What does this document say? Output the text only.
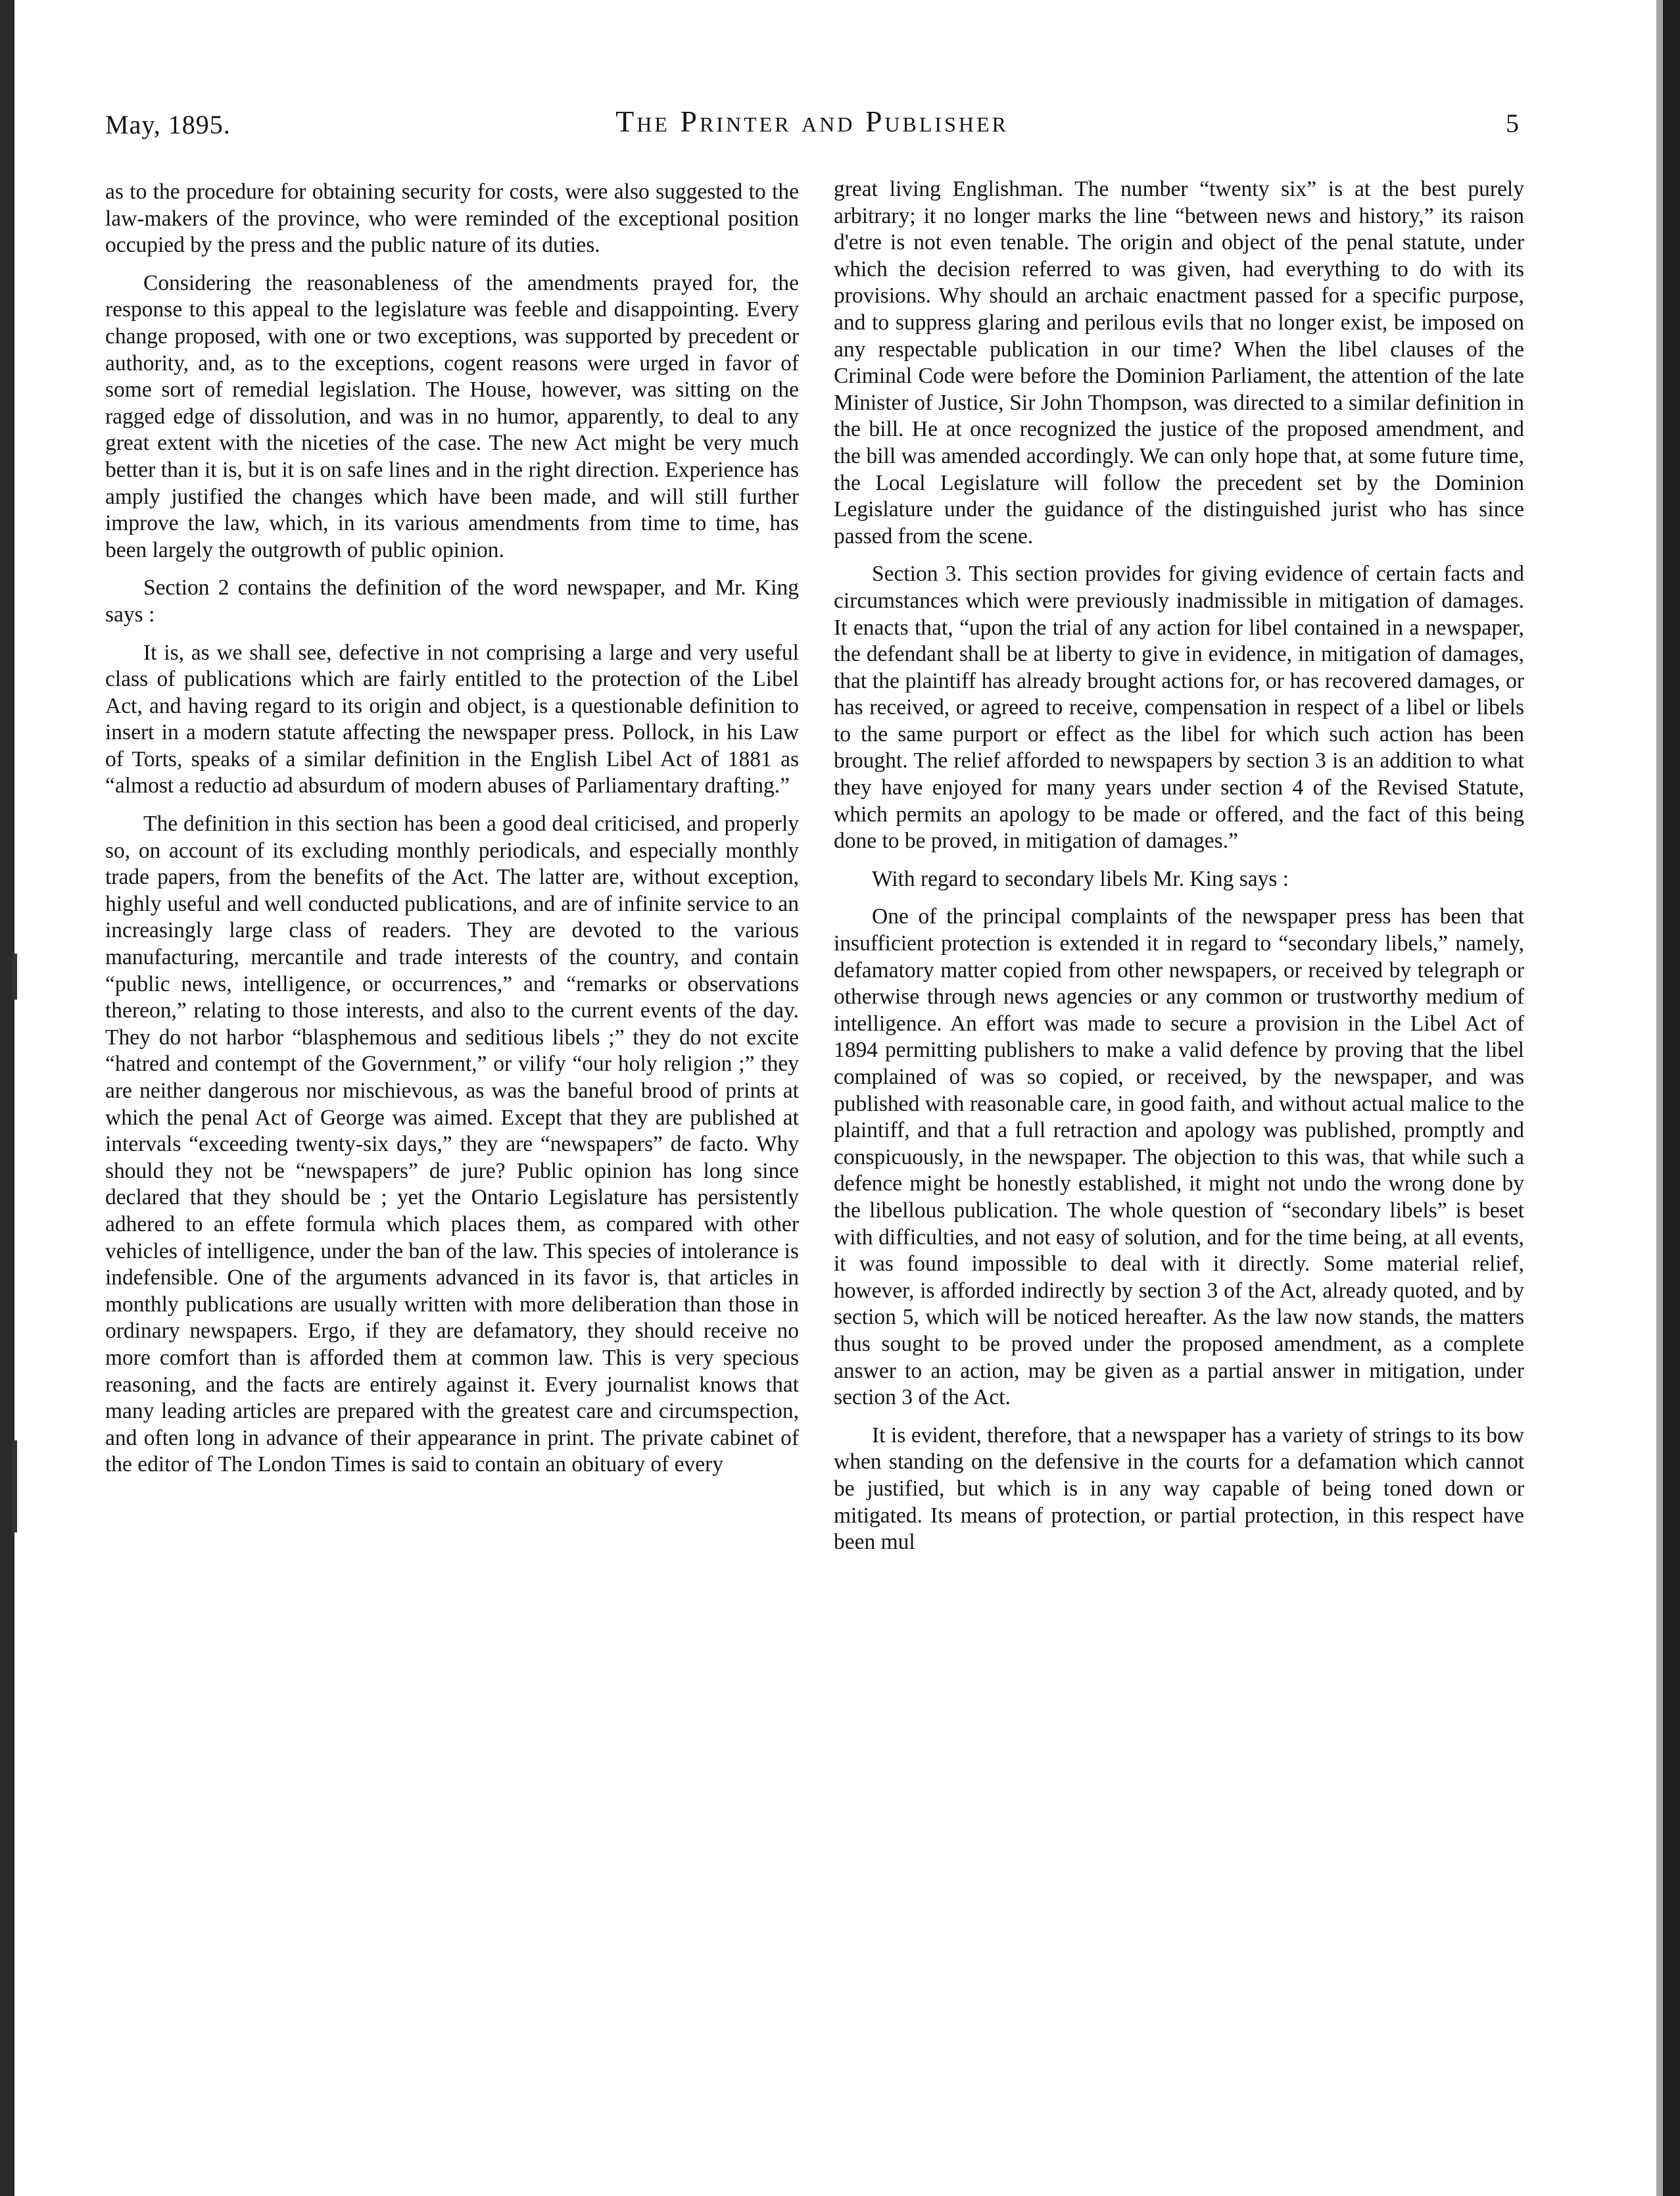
May, 1895.	The Printer and Publisher	5

as to the procedure for obtaining security for costs, were also suggested to the law-makers of the province, who were reminded of the exceptional position occupied by the press and the public nature of its duties.

Considering the reasonableness of the amendments prayed for, the response to this appeal to the legislature was feeble and disappointing. Every change proposed, with one or two exceptions, was supported by precedent or authority, and, as to the exceptions, cogent reasons were urged in favor of some sort of remedial legislation. The House, however, was sitting on the ragged edge of dissolution, and was in no humor, apparently, to deal to any great extent with the niceties of the case. The new Act might be very much better than it is, but it is on safe lines and in the right direction. Experience has amply justified the changes which have been made, and will still further improve the law, which, in its various amendments from time to time, has been largely the outgrowth of public opinion.

Section 2 contains the definition of the word newspaper, and Mr. King says :

It is, as we shall see, defective in not comprising a large and very useful class of publications which are fairly entitled to the protection of the Libel Act, and having regard to its origin and object, is a questionable definition to insert in a modern statute affecting the newspaper press. Pollock, in his Law of Torts, speaks of a similar definition in the English Libel Act of 1881 as “almost a reductio ad absurdum of modern abuses of Parliamentary drafting.”

The definition in this section has been a good deal criticised, and properly so, on account of its excluding monthly periodicals, and especially monthly trade papers, from the benefits of the Act. The latter are, without exception, highly useful and well conducted publications, and are of infinite service to an increasingly large class of readers. They are devoted to the various manufacturing, mercantile and trade interests of the country, and contain “public news, intelligence, or occurrences,” and “remarks or observations thereon,” relating to those interests, and also to the current events of the day. They do not harbor “blasphemous and seditious libels ;” they do not excite “hatred and contempt of the Government,” or vilify “our holy religion ;” they are neither dangerous nor mischievous, as was the baneful brood of prints at which the penal Act of George was aimed. Except that they are published at intervals “exceeding twenty-six days,” they are “newspapers” de facto. Why should they not be “newspapers” de jure? Public opinion has long since declared that they should be ; yet the Ontario Legislature has persistently adhered to an effete formula which places them, as compared with other vehicles of intelligence, under the ban of the law. This species of intolerance is indefensible. One of the arguments advanced in its favor is, that articles in monthly publications are usually written with more deliberation than those in ordinary newspapers. Ergo, if they are defamatory, they should receive no more comfort than is afforded them at common law. This is very specious reasoning, and the facts are entirely against it. Every journalist knows that many leading articles are prepared with the greatest care and circumspection, and often long in advance of their appearance in print. The private cabinet of the editor of The London Times is said to contain an obituary of every

great living Englishman. The number “twenty six” is at the best purely arbitrary; it no longer marks the line “between news and history,” its raison d'etre is not even tenable. The origin and object of the penal statute, under which the decision referred to was given, had everything to do with its provisions. Why should an archaic enactment passed for a specific purpose, and to suppress glaring and perilous evils that no longer exist, be imposed on any respectable publication in our time? When the libel clauses of the Criminal Code were before the Dominion Parliament, the attention of the late Minister of Justice, Sir John Thompson, was directed to a similar definition in the bill. He at once recognized the justice of the proposed amendment, and the bill was amended accordingly. We can only hope that, at some future time, the Local Legislature will follow the precedent set by the Dominion Legislature under the guidance of the distinguished jurist who has since passed from the scene.

Section 3. This section provides for giving evidence of certain facts and circumstances which were previously inadmissible in mitigation of damages. It enacts that, “upon the trial of any action for libel contained in a newspaper, the defendant shall be at liberty to give in evidence, in mitigation of damages, that the plaintiff has already brought actions for, or has recovered damages, or has received, or agreed to receive, compensation in respect of a libel or libels to the same purport or effect as the libel for which such action has been brought. The relief afforded to newspapers by section 3 is an addition to what they have enjoyed for many years under section 4 of the Revised Statute, which permits an apology to be made or offered, and the fact of this being done to be proved, in mitigation of damages.”

With regard to secondary libels Mr. King says :

One of the principal complaints of the newspaper press has been that insufficient protection is extended it in regard to “secondary libels,” namely, defamatory matter copied from other newspapers, or received by telegraph or otherwise through news agencies or any common or trustworthy medium of intelligence. An effort was made to secure a provision in the Libel Act of 1894 permitting publishers to make a valid defence by proving that the libel complained of was so copied, or received, by the newspaper, and was published with reasonable care, in good faith, and without actual malice to the plaintiff, and that a full retraction and apology was published, promptly and conspicuously, in the newspaper. The objection to this was, that while such a defence might be honestly established, it might not undo the wrong done by the libellous publication. The whole question of “secondary libels” is beset with difficulties, and not easy of solution, and for the time being, at all events, it was found impossible to deal with it directly. Some material relief, however, is afforded indirectly by section 3 of the Act, already quoted, and by section 5, which will be noticed hereafter. As the law now stands, the matters thus sought to be proved under the proposed amendment, as a complete answer to an action, may be given as a partial answer in mitigation, under section 3 of the Act.

It is evident, therefore, that a newspaper has a variety of strings to its bow when standing on the defensive in the courts for a defamation which cannot be justified, but which is in any way capable of being toned down or mitigated. Its means of protection, or partial protection, in this respect have been mul
